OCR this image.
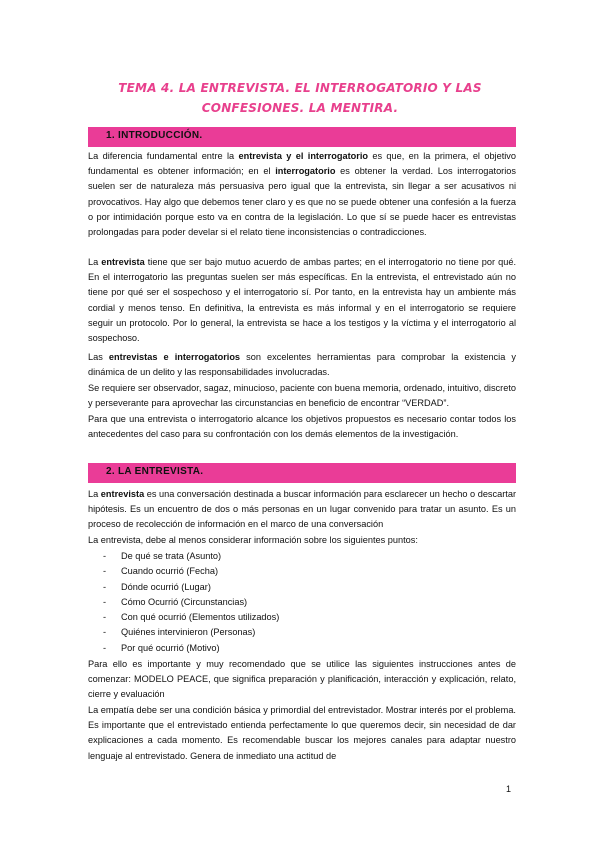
TEMA 4. LA ENTREVISTA. EL INTERROGATORIO Y LAS CONFESIONES. LA MENTIRA.
1. INTRODUCCIÓN.

La diferencia fundamental entre la entrevista y el interrogatorio es que, en la primera, el objetivo fundamental es obtener información; en el interrogatorio es obtener la verdad. Los interrogatorios suelen ser de naturaleza más persuasiva pero igual que la entrevista, sin llegar a ser acusativos ni provocativos. Hay algo que debemos tener claro y es que no se puede obtener una confesión a la fuerza o por intimidación porque esto va en contra de la legislación. Lo que sí se puede hacer es entrevistas prolongadas para poder develar si el relato tiene inconsistencias o contradicciones.

La entrevista tiene que ser bajo mutuo acuerdo de ambas partes; en el interrogatorio no tiene por qué. En el interrogatorio las preguntas suelen ser más específicas. En la entrevista, el entrevistado aún no tiene por qué ser el sospechoso y el interrogatorio sí. Por tanto, en la entrevista hay un ambiente más cordial y menos tenso. En definitiva, la entrevista es más informal y en el interrogatorio se requiere seguir un protocolo. Por lo general, la entrevista se hace a los testigos y la víctima y el interrogatorio al sospechoso.

Las entrevistas e interrogatorios son excelentes herramientas para comprobar la existencia y dinámica de un delito y las responsabilidades involucradas.

Se requiere ser observador, sagaz, minucioso, paciente con buena memoria, ordenado, intuitivo, discreto y perseverante para aprovechar las circunstancias en beneficio de encontrar “VERDAD”.

Para que una entrevista o interrogatorio alcance los objetivos propuestos es necesario contar todos los antecedentes del caso para su confrontación con los demás elementos de la investigación.

2. LA ENTREVISTA.

La entrevista es una conversación destinada a buscar información para esclarecer un hecho o descartar hipótesis. Es un encuentro de dos o más personas en un lugar convenido para tratar un asunto. Es un proceso de recolección de información en el marco de una conversación

La entrevista, debe al menos considerar información sobre los siguientes puntos:

- De qué se trata (Asunto)
- Cuando ocurrió (Fecha)
- Dónde ocurrió (Lugar)
- Cómo Ocurrió (Circunstancias)
- Con qué ocurrió (Elementos utilizados)
- Quiénes intervinieron (Personas)
- Por qué ocurrió (Motivo)

Para ello es importante y muy recomendado que se utilice las siguientes instrucciones antes de comenzar: MODELO PEACE, que significa preparación y planificación, interacción y explicación, relato, cierre y evaluación

La empatía debe ser una condición básica y primordial del entrevistador. Mostrar interés por el problema. Es importante que el entrevistado entienda perfectamente lo que queremos decir, sin necesidad de dar explicaciones a cada momento. Es recomendable buscar los mejores canales para adaptar nuestro lenguaje al entrevistado. Genera de inmediato una actitud de

1
